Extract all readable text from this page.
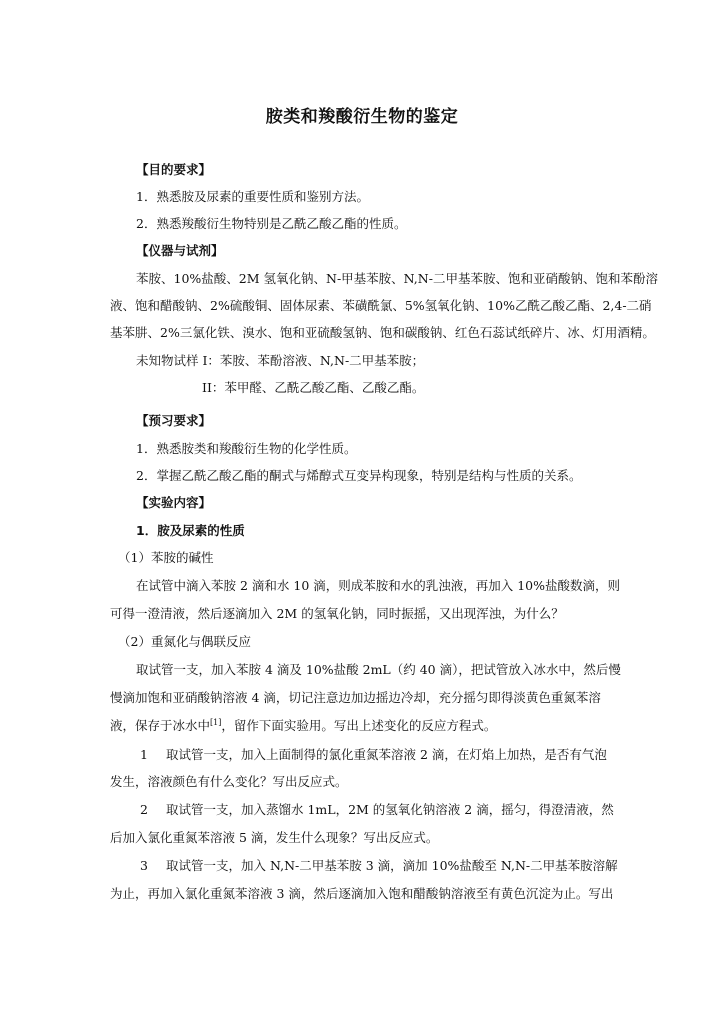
胺类和羧酸衍生物的鉴定
【目的要求】
1．熟悉胺及尿素的重要性质和鉴别方法。
2．熟悉羧酸衍生物特别是乙酰乙酸乙酯的性质。
【仪器与试剂】
苯胺、10%盐酸、2M 氢氧化钠、N-甲基苯胺、N,N-二甲基苯胺、饱和亚硝酸钠、饱和苯酚溶
液、饱和醋酸钠、2%硫酸铜、固体尿素、苯磺酰氯、5%氢氧化钠、10%乙酰乙酸乙酯、2,4-二硝
基苯肼、2%三氯化铁、溴水、饱和亚硫酸氢钠、饱和碳酸钠、红色石蕊试纸碎片、冰、灯用酒精。
未知物试样 I：苯胺、苯酚溶液、N,N-二甲基苯胺；
II：苯甲醛、乙酰乙酸乙酯、乙酸乙酯。
【预习要求】
1．熟悉胺类和羧酸衍生物的化学性质。
2．掌握乙酰乙酸乙酯的酮式与烯醇式互变异构现象，特别是结构与性质的关系。
【实验内容】
1．胺及尿素的性质
（1）苯胺的碱性
在试管中滴入苯胺 2 滴和水 10 滴，则成苯胺和水的乳浊液，再加入 10%盐酸数滴，则
可得一澄清液，然后逐滴加入 2M 的氢氧化钠，同时振摇，又出现浑浊，为什么？
（2）重氮化与偶联反应
取试管一支，加入苯胺 4 滴及 10%盐酸 2mL（约 40 滴），把试管放入冰水中，然后慢
慢滴加饱和亚硝酸钠溶液 4 滴，切记注意边加边摇边冷却，充分摇匀即得淡黄色重氮苯溶
液，保存于冰水中[1]，留作下面实验用。写出上述变化的反应方程式。
1 取试管一支，加入上面制得的氯化重氮苯溶液 2 滴，在灯焰上加热，是否有气泡
发生，溶液颜色有什么变化？写出反应式。
2 取试管一支，加入蒸馏水 1mL，2M 的氢氧化钠溶液 2 滴，摇匀，得澄清液，然
后加入氯化重氮苯溶液 5 滴，发生什么现象？写出反应式。
3 取试管一支，加入 N,N-二甲基苯胺 3 滴，滴加 10%盐酸至 N,N-二甲基苯胺溶解
为止，再加入氯化重氮苯溶液 3 滴，然后逐滴加入饱和醋酸钠溶液至有黄色沉淀为止。写出
